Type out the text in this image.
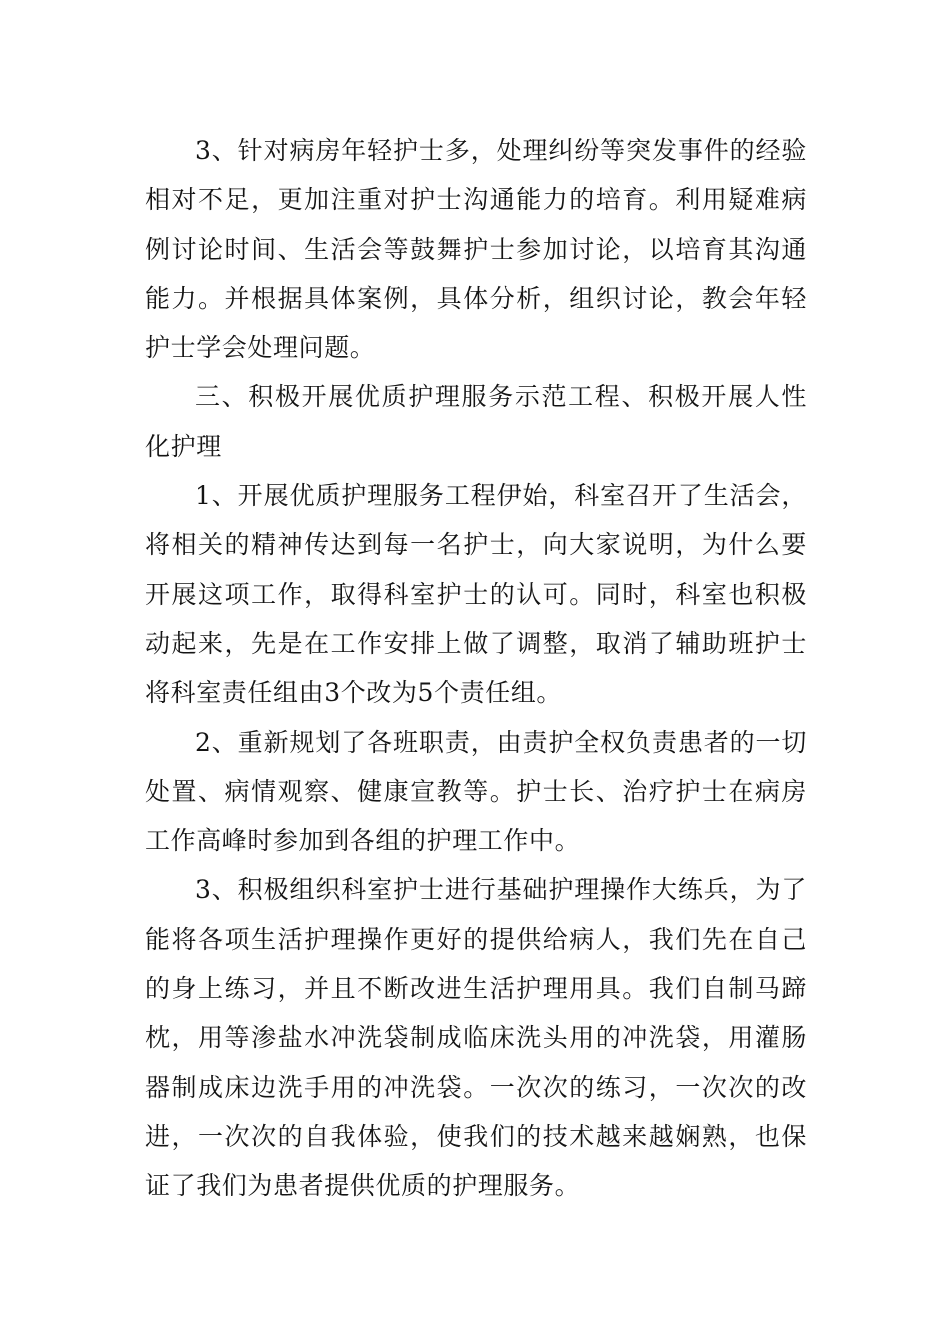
3、针对病房年轻护士多，处理纠纷等突发事件的经验相对不足，更加注重对护士沟通能力的培育。利用疑难病例讨论时间、生活会等鼓舞护士参加讨论，以培育其沟通能力。并根据具体案例，具体分析，组织讨论，教会年轻护士学会处理问题。

三、积极开展优质护理服务示范工程、积极开展人性化护理

1、开展优质护理服务工程伊始，科室召开了生活会，将相关的精神传达到每一名护士，向大家说明，为什么要开展这项工作，取得科室护士的认可。同时，科室也积极动起来，先是在工作安排上做了调整，取消了辅助班护士将科室责任组由3个改为5个责任组。

2、重新规划了各班职责，由责护全权负责患者的一切处置、病情观察、健康宣教等。护士长、治疗护士在病房工作高峰时参加到各组的护理工作中。

3、积极组织科室护士进行基础护理操作大练兵，为了能将各项生活护理操作更好的提供给病人，我们先在自己的身上练习，并且不断改进生活护理用具。我们自制马蹄枕，用等渗盐水冲洗袋制成临床洗头用的冲洗袋，用灌肠器制成床边洗手用的冲洗袋。一次次的练习，一次次的改进，一次次的自我体验，使我们的技术越来越娴熟，也保证了我们为患者提供优质的护理服务。
